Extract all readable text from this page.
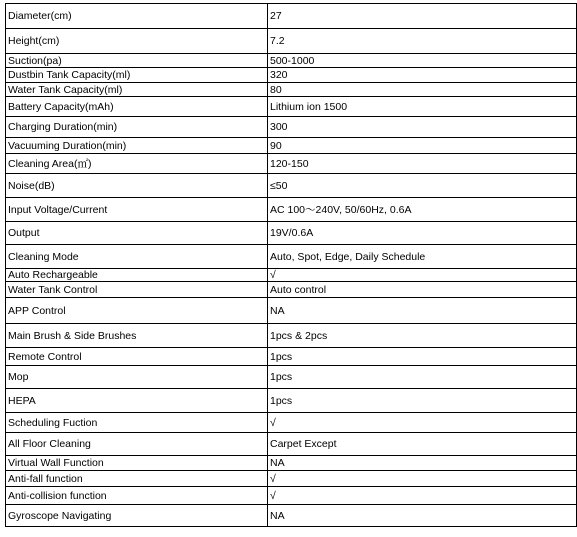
Diameter(cm)	27
Height(cm)	7.2
Suction(pa)	500-1000
Dustbin Tank Capacity(ml)	320
Water Tank Capacity(ml)	80
Battery Capacity(mAh)	Lithium ion 1500
Charging Duration(min)	300
Vacuuming Duration(min)	90
Cleaning Area(㎡)	120-150
Noise(dB)	≤50
Input Voltage/Current	AC 100～240V, 50/60Hz, 0.6A
Output	19V/0.6A
Cleaning Mode	Auto, Spot, Edge, Daily Schedule
Auto Rechargeable	√
Water Tank Control	Auto control
APP Control	NA
Main Brush & Side Brushes	1pcs & 2pcs
Remote Control	1pcs
Mop	1pcs
HEPA	1pcs
Scheduling Fuction	√
All Floor Cleaning	Carpet Except
Virtual Wall Function	NA
Anti-fall function	√
Anti-collision function	√
Gyroscope Navigating	NA
